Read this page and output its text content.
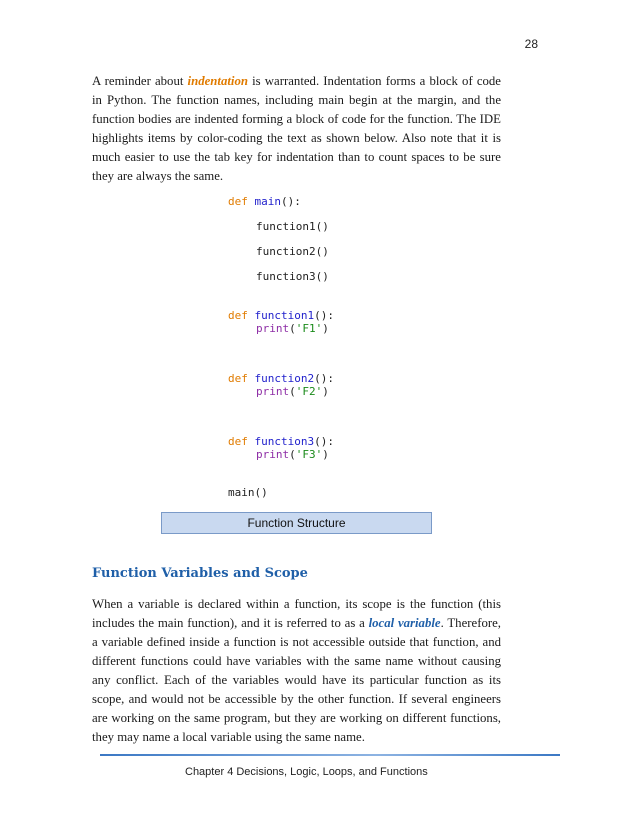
28

A reminder about indentation is warranted. Indentation forms a block of code in Python. The function names, including main begin at the margin, and the function bodies are indented forming a block of code for the function. The IDE highlights items by color-coding the text as shown below. Also note that it is much easier to use the tab key for indentation than to count spaces to be sure they are always the same.

def main():
function1()
function2()
function3()
def function1():
print('F1')
def function2():
print('F2')
def function3():
print('F3')
main()
Function Structure
Function Variables and Scope

When a variable is declared within a function, its scope is the function (this includes the main function), and it is referred to as a local variable. Therefore, a variable defined inside a function is not accessible outside that function, and different functions could have variables with the same name without causing any conflict. Each of the variables would have its particular function as its scope, and would not be accessible by the other function. If several engineers are working on the same program, but they are working on different functions, they may name a local variable using the same name.

Chapter 4 Decisions, Logic, Loops, and Functions
